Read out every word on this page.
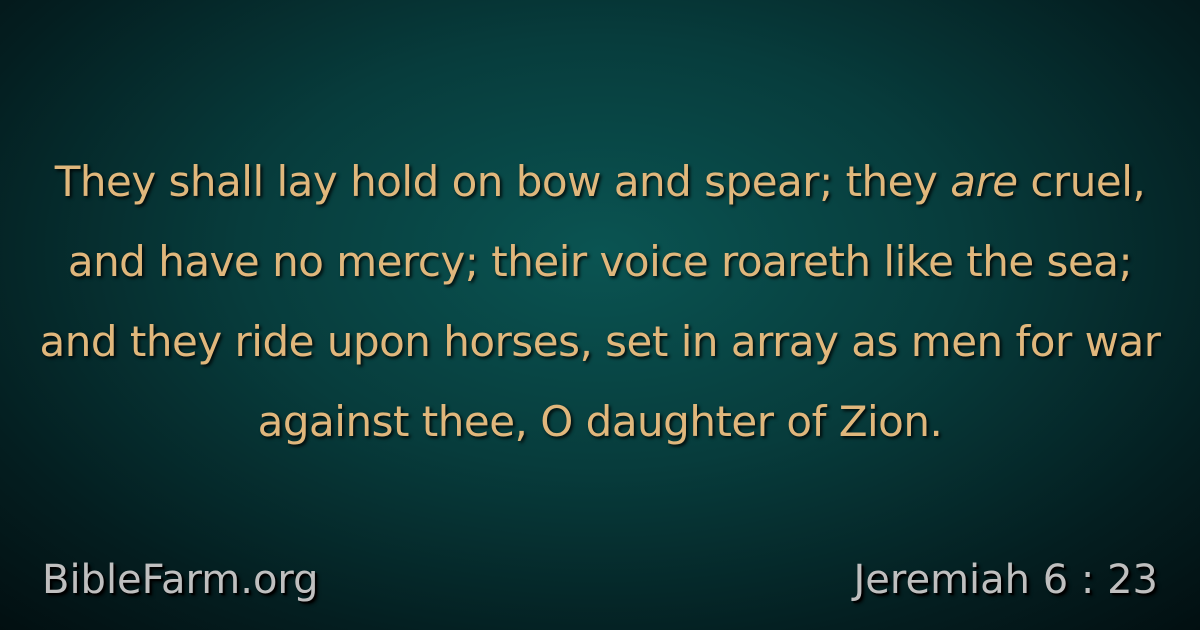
They shall lay hold on bow and spear; they are cruel, and have no mercy; their voice roareth like the sea; and they ride upon horses, set in array as men for war against thee, O daughter of Zion.
BibleFarm.org	Jeremiah 6 : 23
